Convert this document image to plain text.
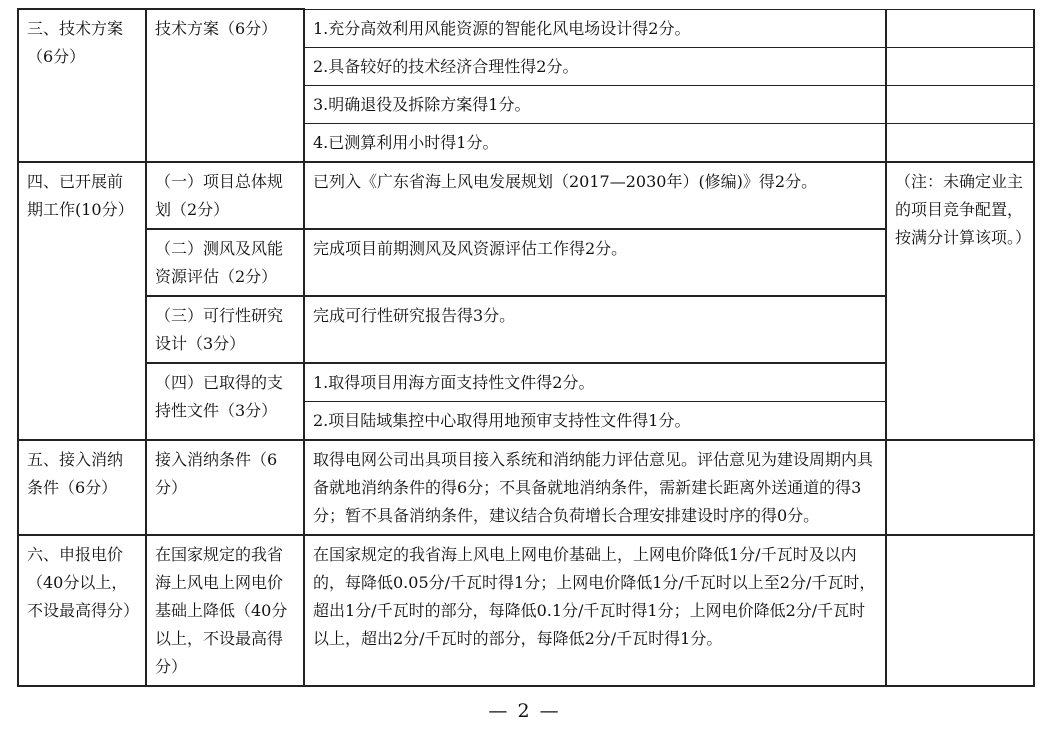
三、技术方案（6分）	技术方案（6分）	1.充分高效利用风能资源的智能化风电场设计得2分。	
		2.具备较好的技术经济合理性得2分。	
		3.明确退役及拆除方案得1分。	
		4.已测算利用小时得1分。	
四、已开展前期工作(10分）	（一）项目总体规划（2分）	已列入《广东省海上风电发展规划（2017—2030年）(修编)》得2分。	（注：未确定业主的项目竞争配置，按满分计算该项。）
	（二）测风及风能资源评估（2分）	完成项目前期测风及风资源评估工作得2分。	
	（三）可行性研究设计（3分）	完成可行性研究报告得3分。	
	（四）已取得的支持性文件（3分）	1.取得项目用海方面支持性文件得2分。	
		2.项目陆域集控中心取得用地预审支持性文件得1分。	
五、接入消纳条件（6分）	接入消纳条件（6分）	取得电网公司出具项目接入系统和消纳能力评估意见。评估意见为建设周期内具备就地消纳条件的得6分；不具备就地消纳条件，需新建长距离外送通道的得3分；暂不具备消纳条件，建议结合负荷增长合理安排建设时序的得0分。	
六、申报电价（40分以上，不设最高得分）	在国家规定的我省海上风电上网电价基础上降低（40分以上，不设最高得分）	在国家规定的我省海上风电上网电价基础上，上网电价降低1分/千瓦时及以内的，每降低0.05分/千瓦时得1分；上网电价降低1分/千瓦时以上至2分/千瓦时，超出1分/千瓦时的部分，每降低0.1分/千瓦时得1分；上网电价降低2分/千瓦时以上，超出2分/千瓦时的部分，每降低2分/千瓦时得1分。	
— 2 —
